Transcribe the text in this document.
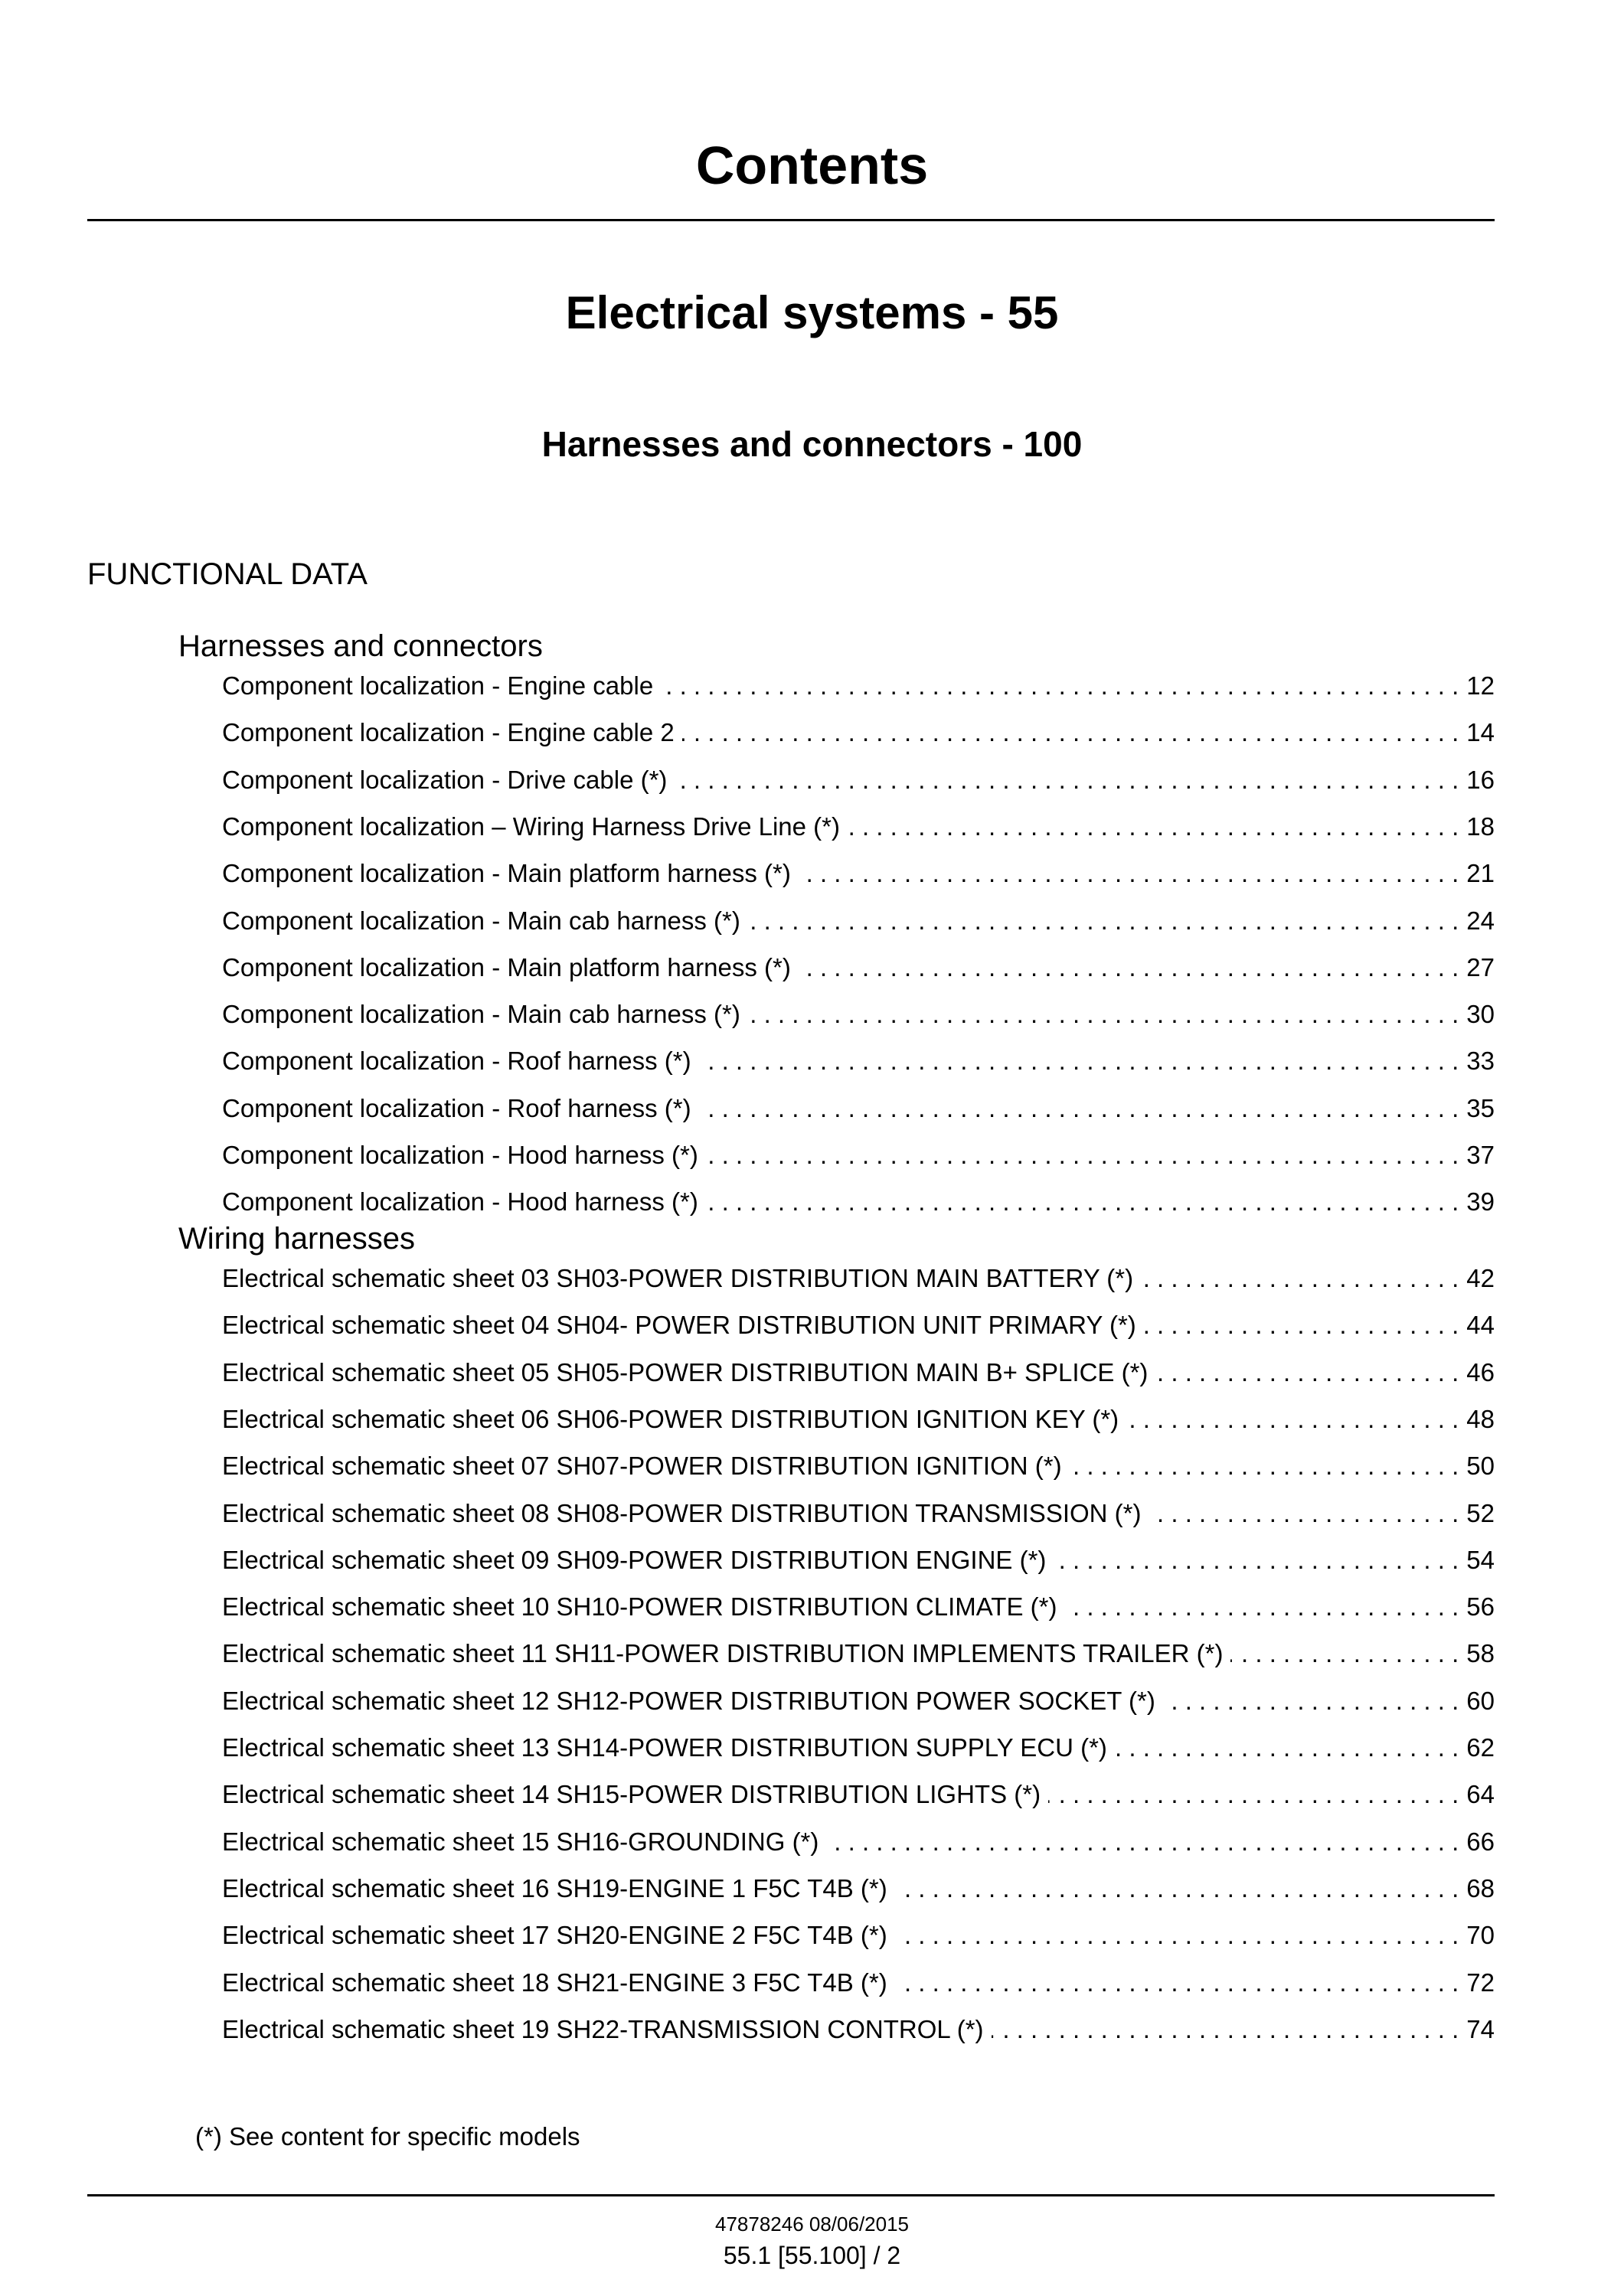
Contents
Electrical systems - 55
Harnesses and connectors - 100
FUNCTIONAL DATA
Harnesses and connectors
Component localization - Engine cable . . .	12
Component localization - Engine cable 2 . . .	14
Component localization - Drive cable (*) . . .	16
Component localization – Wiring Harness Drive Line (*) . . .	18
Component localization - Main platform harness (*) . . .	21
Component localization - Main cab harness (*) . . .	24
Component localization - Main platform harness (*) . . .	27
Component localization - Main cab harness (*) . . .	30
Component localization - Roof harness (*) . . .	33
Component localization - Roof harness (*) . . .	35
Component localization - Hood harness (*) . . .	37
Component localization - Hood harness (*) . . .	39
Wiring harnesses
Electrical schematic sheet 03 SH03-POWER DISTRIBUTION MAIN BATTERY (*) . . .	42
Electrical schematic sheet 04 SH04- POWER DISTRIBUTION UNIT PRIMARY (*) . . .	44
Electrical schematic sheet 05 SH05-POWER DISTRIBUTION MAIN B+ SPLICE (*) . . .	46
Electrical schematic sheet 06 SH06-POWER DISTRIBUTION IGNITION KEY (*) . . .	48
Electrical schematic sheet 07 SH07-POWER DISTRIBUTION IGNITION (*) . . .	50
Electrical schematic sheet 08 SH08-POWER DISTRIBUTION TRANSMISSION (*) . . .	52
Electrical schematic sheet 09 SH09-POWER DISTRIBUTION ENGINE (*) . . .	54
Electrical schematic sheet 10 SH10-POWER DISTRIBUTION CLIMATE (*) . . .	56
Electrical schematic sheet 11 SH11-POWER DISTRIBUTION IMPLEMENTS TRAILER (*) . . .	58
Electrical schematic sheet 12 SH12-POWER DISTRIBUTION POWER SOCKET (*) . . .	60
Electrical schematic sheet 13 SH14-POWER DISTRIBUTION SUPPLY ECU (*) . . .	62
Electrical schematic sheet 14 SH15-POWER DISTRIBUTION LIGHTS (*) . . .	64
Electrical schematic sheet 15 SH16-GROUNDING (*) . . .	66
Electrical schematic sheet 16 SH19-ENGINE 1 F5C T4B (*) . . .	68
Electrical schematic sheet 17 SH20-ENGINE 2 F5C T4B (*) . . .	70
Electrical schematic sheet 18 SH21-ENGINE 3 F5C T4B (*) . . .	72
Electrical schematic sheet 19 SH22-TRANSMISSION CONTROL (*) . . .	74
(*) See content for specific models
47878246 08/06/2015
55.1 [55.100] / 2
